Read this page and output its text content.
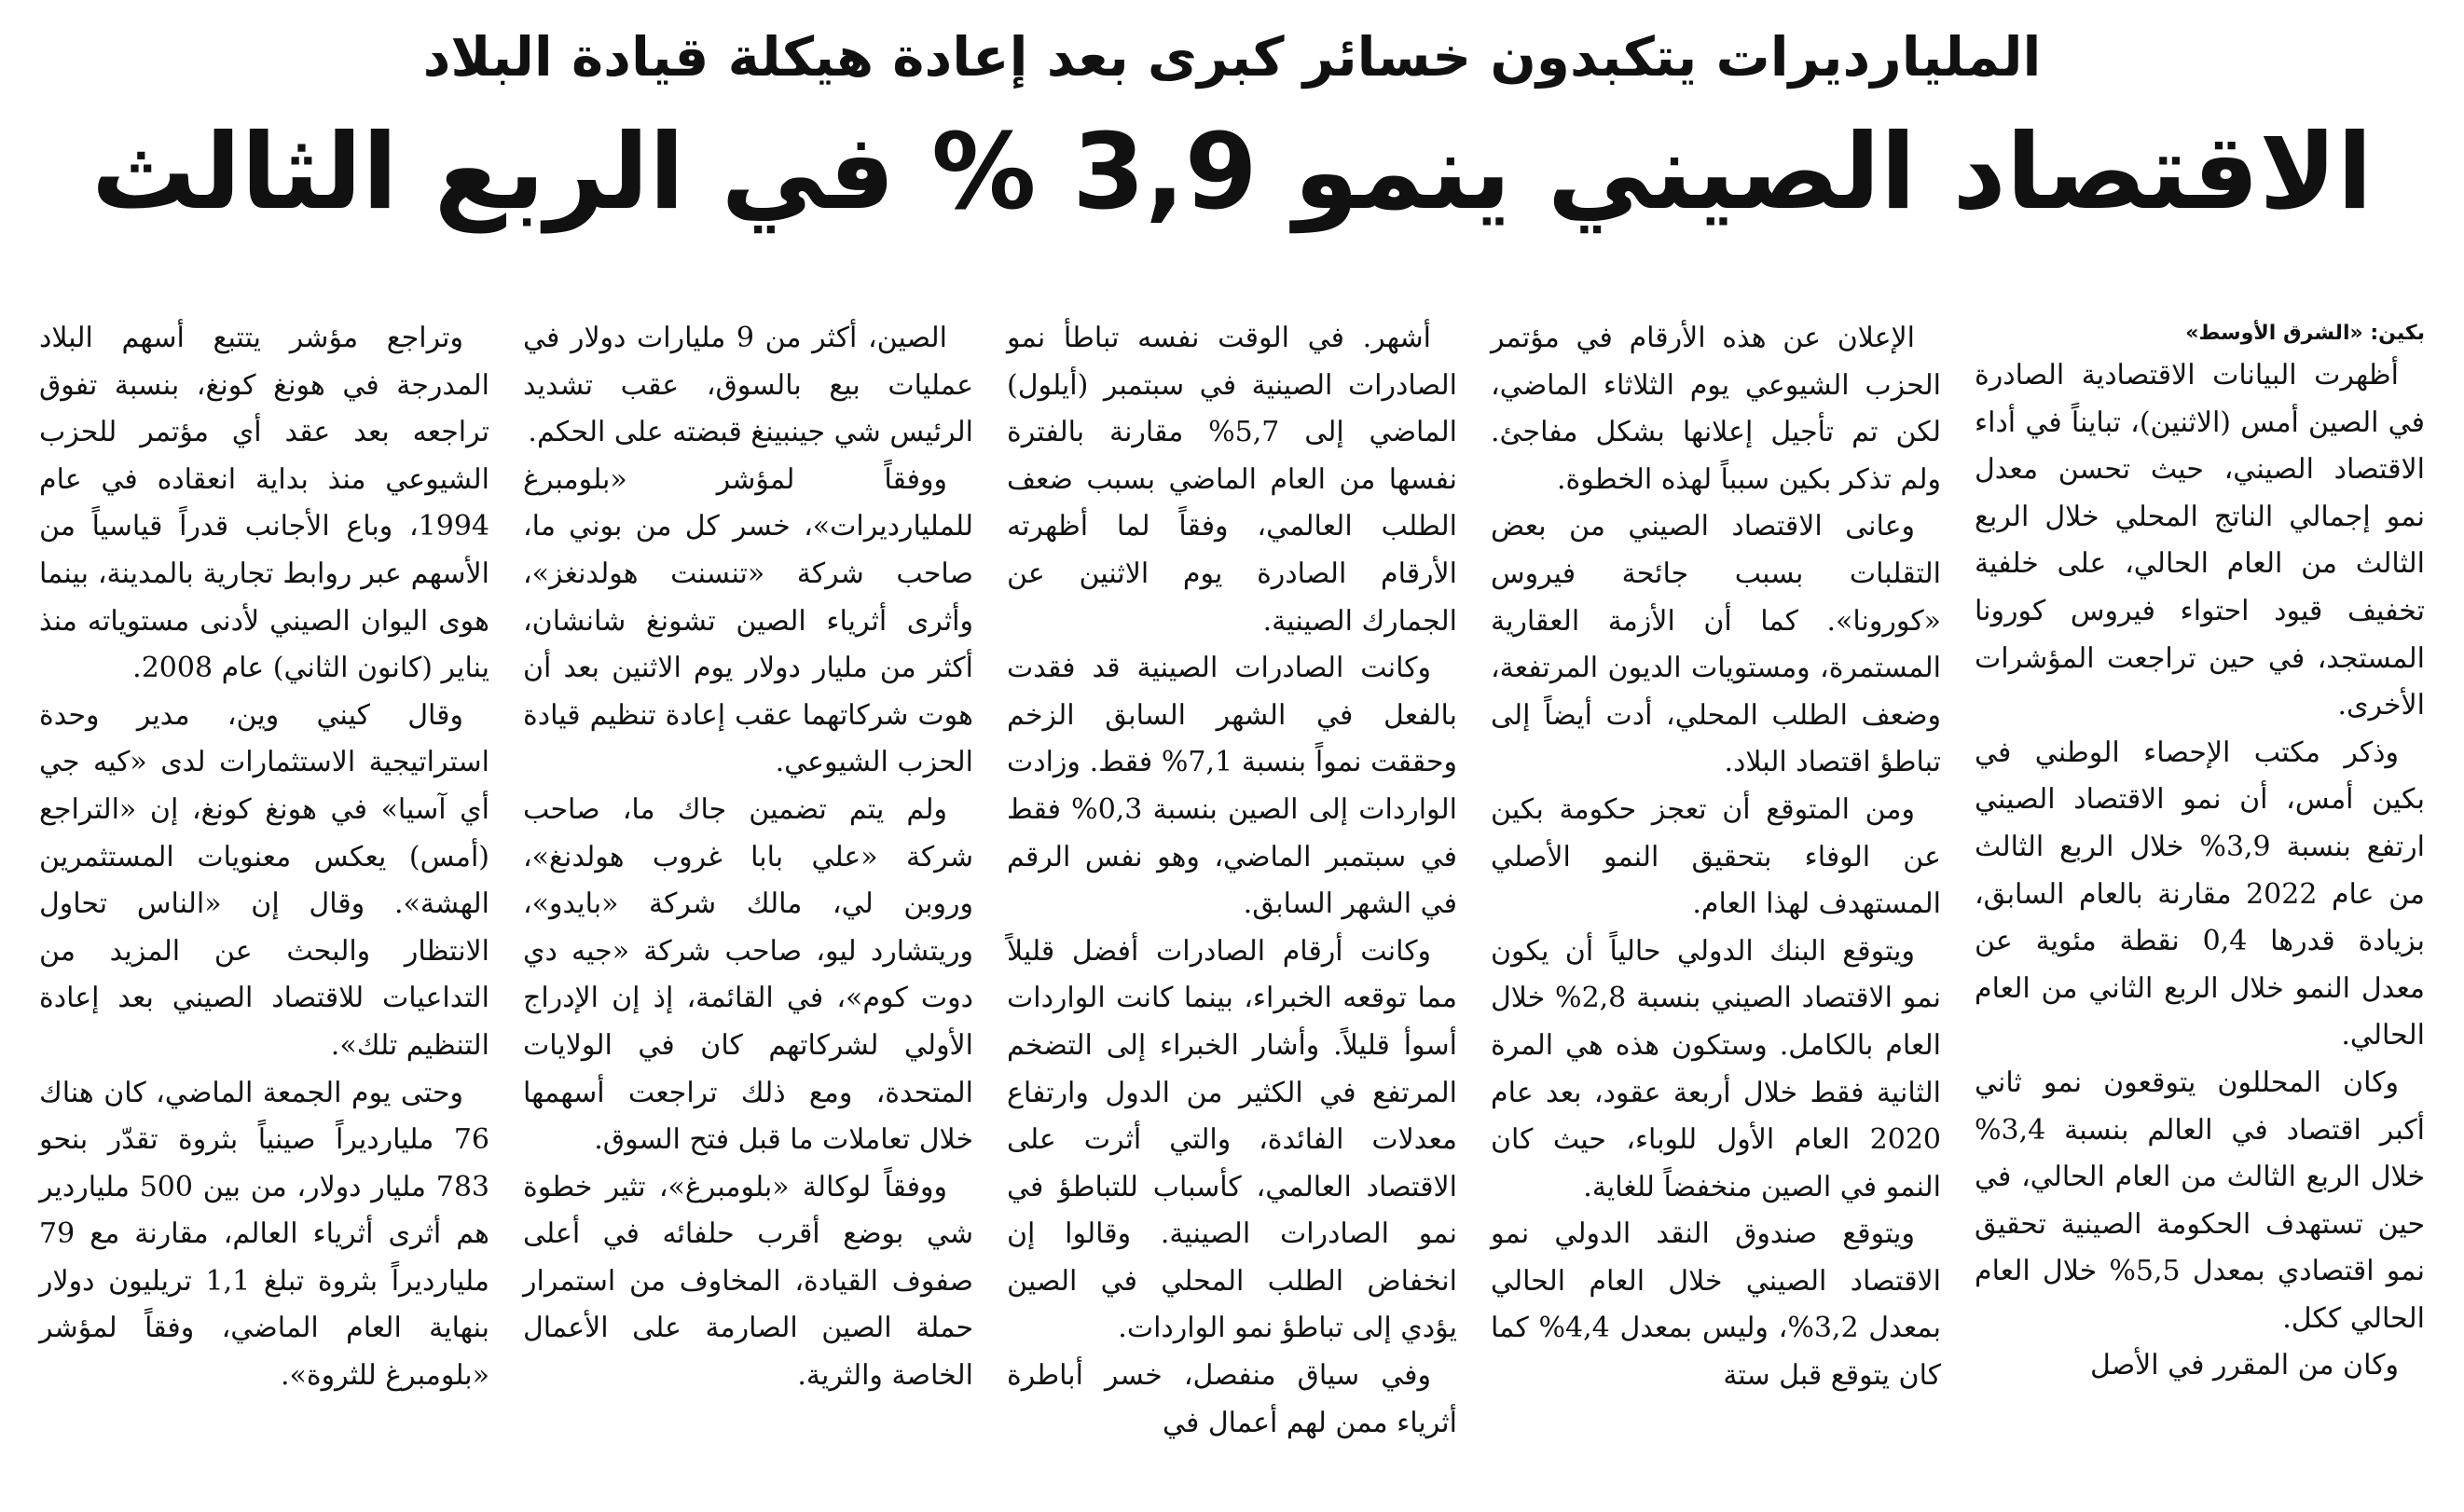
المليارديرات يتكبدون خسائر كبرى بعد إعادة هيكلة قيادة البلاد
الاقتصاد الصيني ينمو 3,9 % في الربع الثالث

بكين: «الشرق الأوسط»

أظهرت البيانات الاقتصادية الصادرة في الصين أمس (الاثنين)، تبايناً في أداء الاقتصاد الصيني، حيث تحسن معدل نمو إجمالي الناتج المحلي خلال الربع الثالث من العام الحالي، على خلفية تخفيف قيود احتواء فيروس كورونا المستجد، في حين تراجعت المؤشرات الأخرى.

وذكر مكتب الإحصاء الوطني في بكين أمس، أن نمو الاقتصاد الصيني ارتفع بنسبة 3,9% خلال الربع الثالث من عام 2022 مقارنة بالعام السابق، بزيادة قدرها 0,4 نقطة مئوية عن معدل النمو خلال الربع الثاني من العام الحالي.

وكان المحللون يتوقعون نمو ثاني أكبر اقتصاد في العالم بنسبة 3,4% خلال الربع الثالث من العام الحالي، في حين تستهدف الحكومة الصينية تحقيق نمو اقتصادي بمعدل 5,5% خلال العام الحالي ككل.

وكان من المقرر في الأصل

الإعلان عن هذه الأرقام في مؤتمر الحزب الشيوعي يوم الثلاثاء الماضي، لكن تم تأجيل إعلانها بشكل مفاجئ. ولم تذكر بكين سبباً لهذه الخطوة.

وعانى الاقتصاد الصيني من بعض التقلبات بسبب جائحة فيروس «كورونا». كما أن الأزمة العقارية المستمرة، ومستويات الديون المرتفعة، وضعف الطلب المحلي، أدت أيضاً إلى تباطؤ اقتصاد البلاد.

ومن المتوقع أن تعجز حكومة بكين عن الوفاء بتحقيق النمو الأصلي المستهدف لهذا العام.

ويتوقع البنك الدولي حالياً أن يكون نمو الاقتصاد الصيني بنسبة 2,8% خلال العام بالكامل. وستكون هذه هي المرة الثانية فقط خلال أربعة عقود، بعد عام 2020 العام الأول للوباء، حيث كان النمو في الصين منخفضاً للغاية.

ويتوقع صندوق النقد الدولي نمو الاقتصاد الصيني خلال العام الحالي بمعدل 3,2%، وليس بمعدل 4,4% كما كان يتوقع قبل ستة

أشهر. في الوقت نفسه تباطأ نمو الصادرات الصينية في سبتمبر (أيلول) الماضي إلى 5,7% مقارنة بالفترة نفسها من العام الماضي بسبب ضعف الطلب العالمي، وفقاً لما أظهرته الأرقام الصادرة يوم الاثنين عن الجمارك الصينية.

وكانت الصادرات الصينية قد فقدت بالفعل في الشهر السابق الزخم وحققت نمواً بنسبة 7,1% فقط. وزادت الواردات إلى الصين بنسبة 0,3% فقط في سبتمبر الماضي، وهو نفس الرقم في الشهر السابق.

وكانت أرقام الصادرات أفضل قليلاً مما توقعه الخبراء، بينما كانت الواردات أسوأ قليلاً. وأشار الخبراء إلى التضخم المرتفع في الكثير من الدول وارتفاع معدلات الفائدة، والتي أثرت على الاقتصاد العالمي، كأسباب للتباطؤ في نمو الصادرات الصينية. وقالوا إن انخفاض الطلب المحلي في الصين يؤدي إلى تباطؤ نمو الواردات.

وفي سياق منفصل، خسر أباطرة أثرياء ممن لهم أعمال في

الصين، أكثر من 9 مليارات دولار في عمليات بيع بالسوق، عقب تشديد الرئيس شي جينبينغ قبضته على الحكم.

ووفقاً لمؤشر «بلومبرغ للمليارديرات»، خسر كل من بوني ما، صاحب شركة «تنسنت هولدنغز»، وأثرى أثرياء الصين تشونغ شانشان، أكثر من مليار دولار يوم الاثنين بعد أن هوت شركاتهما عقب إعادة تنظيم قيادة الحزب الشيوعي.

ولم يتم تضمين جاك ما، صاحب شركة «علي بابا غروب هولدنغ»، وروبن لي، مالك شركة «بايدو»، وريتشارد ليو، صاحب شركة «جيه دي دوت كوم»، في القائمة، إذ إن الإدراج الأولي لشركاتهم كان في الولايات المتحدة، ومع ذلك تراجعت أسهمها خلال تعاملات ما قبل فتح السوق.

ووفقاً لوكالة «بلومبرغ»، تثير خطوة شي بوضع أقرب حلفائه في أعلى صفوف القيادة، المخاوف من استمرار حملة الصين الصارمة على الأعمال الخاصة والثرية.

وتراجع مؤشر يتتبع أسهم البلاد المدرجة في هونغ كونغ، بنسبة تفوق تراجعه بعد عقد أي مؤتمر للحزب الشيوعي منذ بداية انعقاده في عام 1994، وباع الأجانب قدراً قياسياً من الأسهم عبر روابط تجارية بالمدينة، بينما هوى اليوان الصيني لأدنى مستوياته منذ يناير (كانون الثاني) عام 2008.

وقال كيني وين، مدير وحدة استراتيجية الاستثمارات لدى «كيه جي أي آسيا» في هونغ كونغ، إن «التراجع (أمس) يعكس معنويات المستثمرين الهشة». وقال إن «الناس تحاول الانتظار والبحث عن المزيد من التداعيات للاقتصاد الصيني بعد إعادة التنظيم تلك».

وحتى يوم الجمعة الماضي، كان هناك 76 مليارديراً صينياً بثروة تقدّر بنحو 783 مليار دولار، من بين 500 ملياردير هم أثرى أثرياء العالم، مقارنة مع 79 مليارديراً بثروة تبلغ 1,1 تريليون دولار بنهاية العام الماضي، وفقاً لمؤشر «بلومبرغ للثروة».
